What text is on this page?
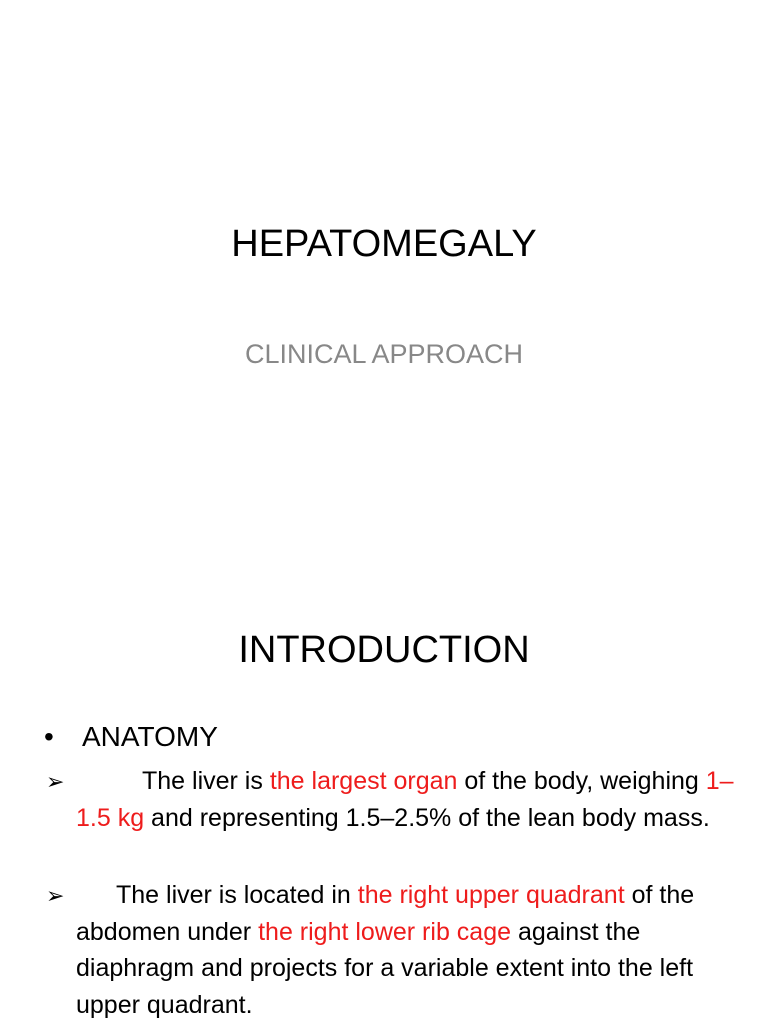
HEPATOMEGALY
CLINICAL APPROACH
INTRODUCTION
• ANATOMY
➢	The liver is the largest organ of the body, weighing 1–1.5 kg and representing 1.5–2.5% of the lean body mass.
➢	The liver is located in the right upper quadrant of the abdomen under the right lower rib cage against the diaphragm and projects for a variable extent into the left upper quadrant.
